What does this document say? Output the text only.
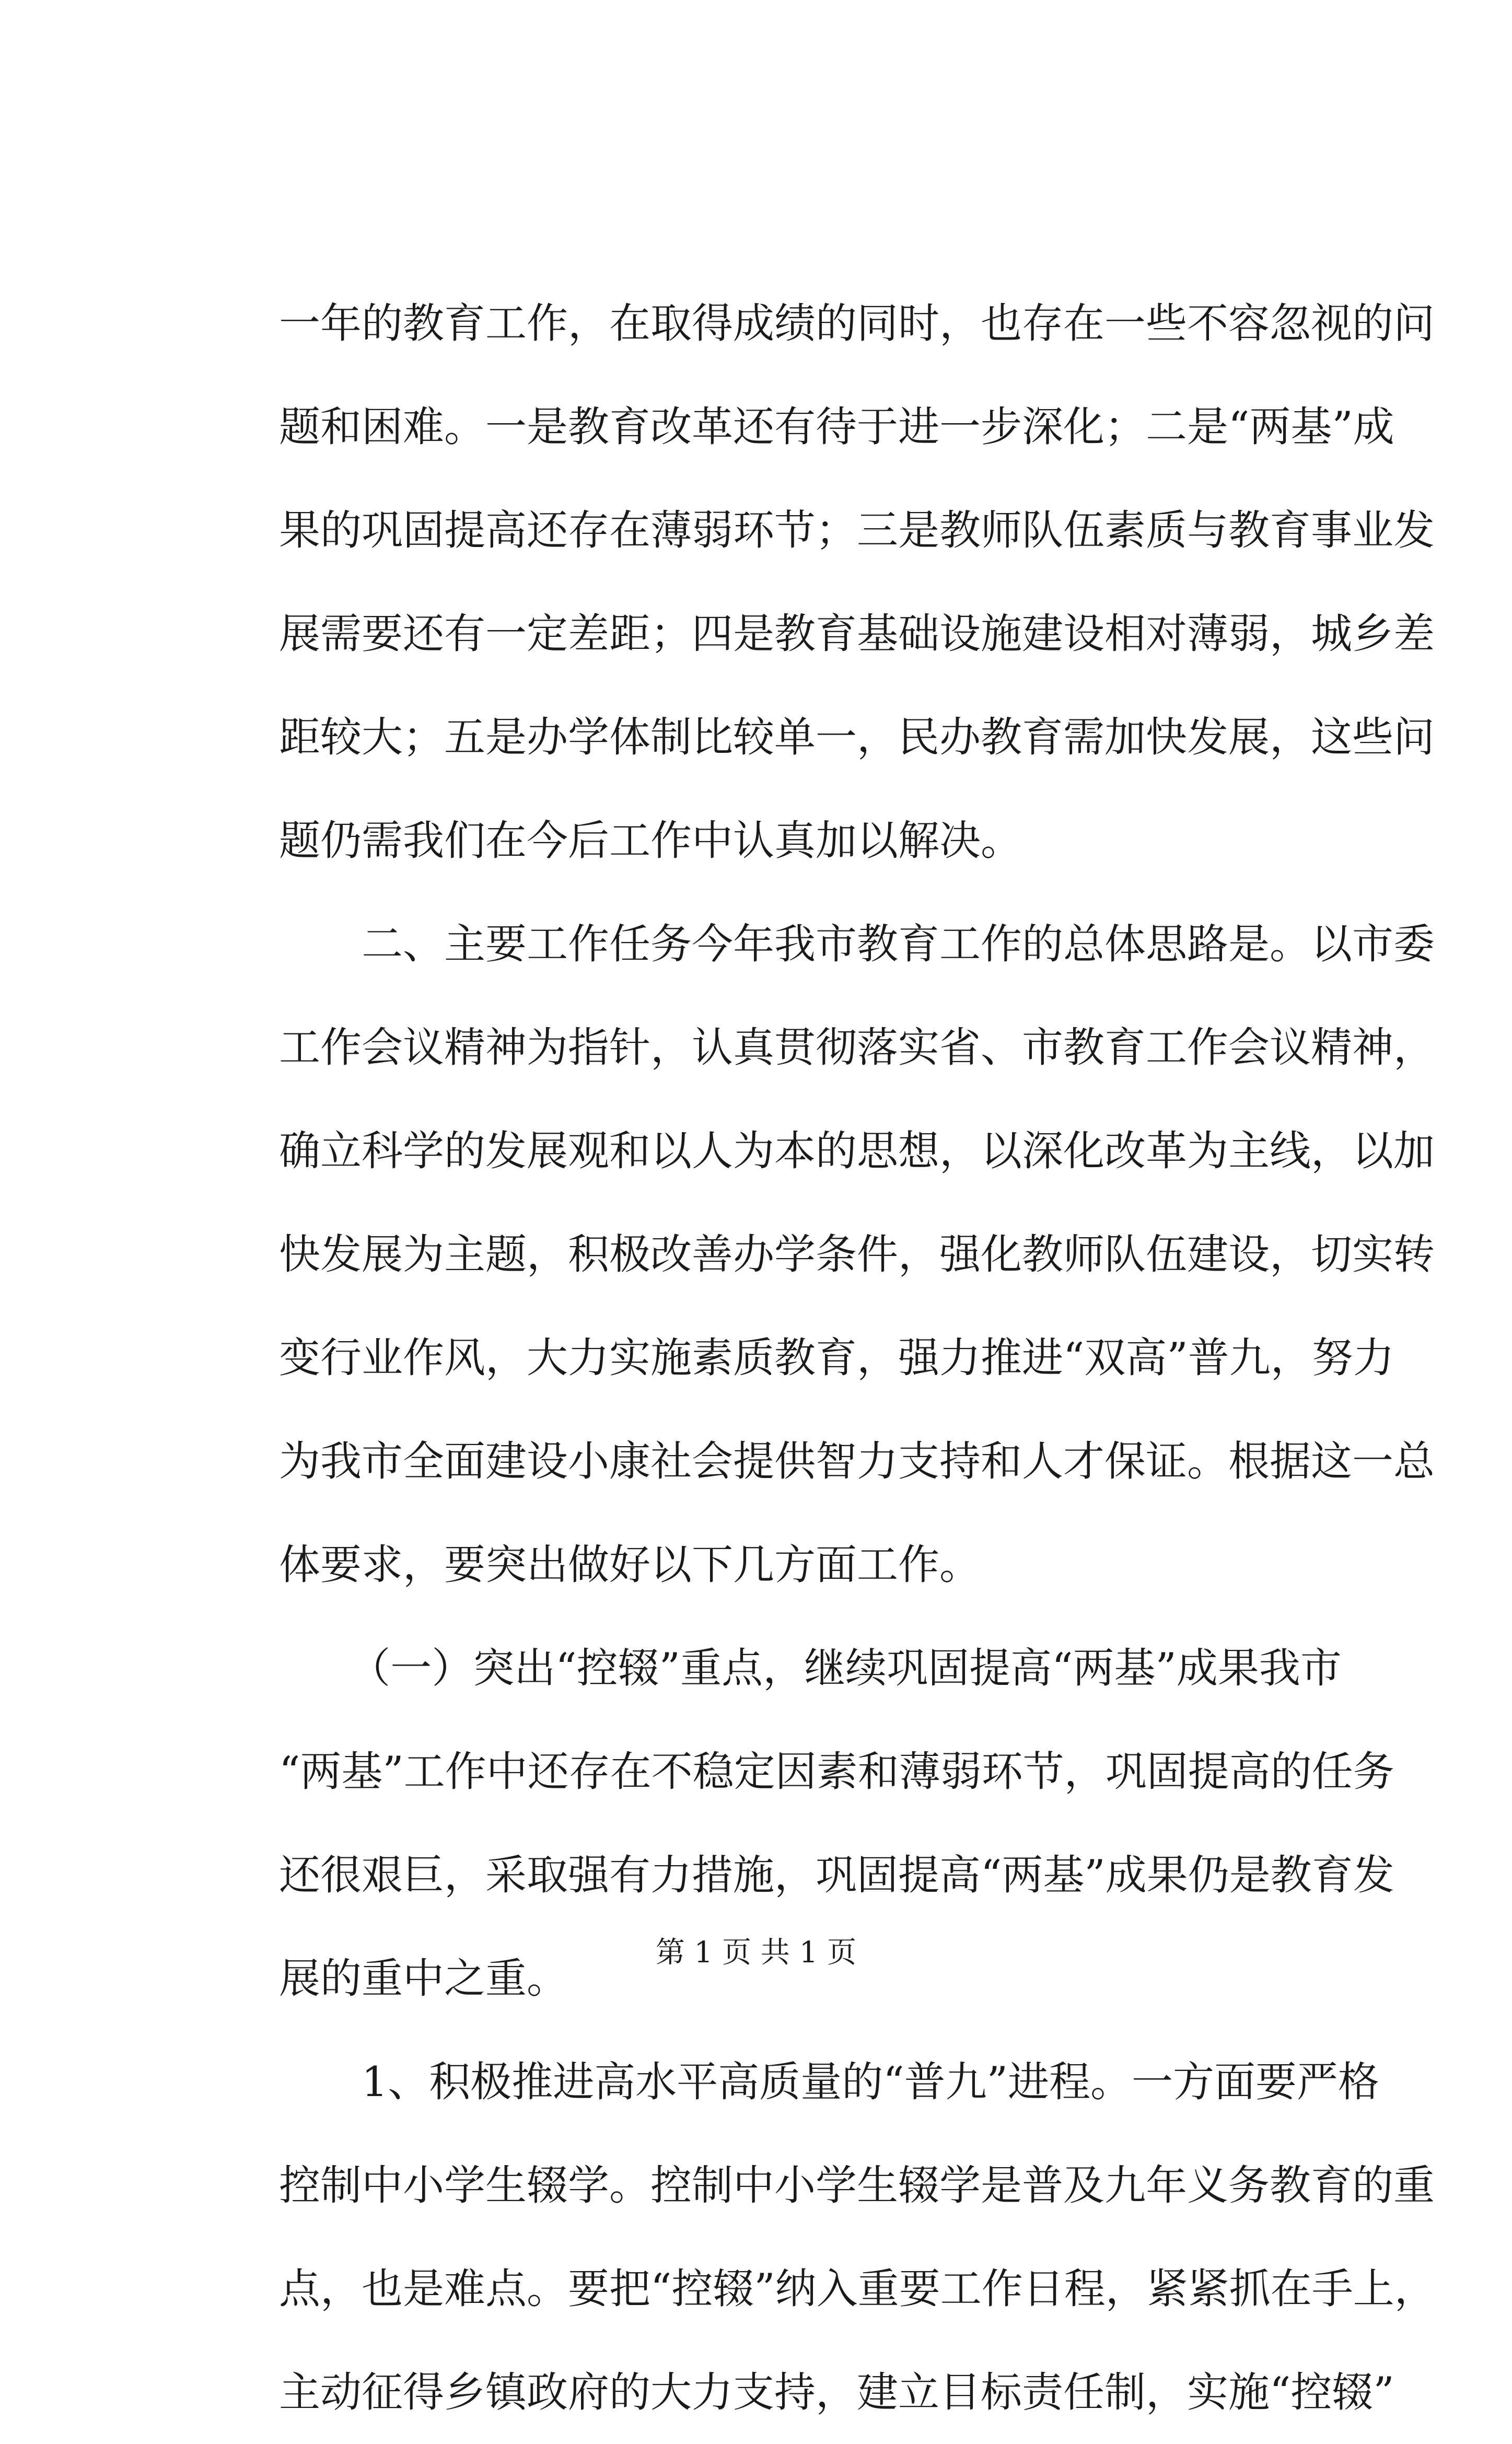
一年的教育工作，在取得成绩的同时，也存在一些不容忽视的问
题和困难。一是教育改革还有待于进一步深化；二是“两基”成
果的巩固提高还存在薄弱环节；三是教师队伍素质与教育事业发
展需要还有一定差距；四是教育基础设施建设相对薄弱，城乡差
距较大；五是办学体制比较单一，民办教育需加快发展，这些问
题仍需我们在今后工作中认真加以解决。
二、主要工作任务今年我市教育工作的总体思路是。以市委
工作会议精神为指针，认真贯彻落实省、市教育工作会议精神，
确立科学的发展观和以人为本的思想，以深化改革为主线，以加
快发展为主题，积极改善办学条件，强化教师队伍建设，切实转
变行业作风，大力实施素质教育，强力推进“双高”普九，努力
为我市全面建设小康社会提供智力支持和人才保证。根据这一总
体要求，要突出做好以下几方面工作。
（一）突出“控辍”重点，继续巩固提高“两基”成果我市
“两基”工作中还存在不稳定因素和薄弱环节，巩固提高的任务
还很艰巨，采取强有力措施，巩固提高“两基”成果仍是教育发
展的重中之重。
1、积极推进高水平高质量的“普九”进程。一方面要严格
控制中小学生辍学。控制中小学生辍学是普及九年义务教育的重
点，也是难点。要把“控辍”纳入重要工作日程，紧紧抓在手上，
主动征得乡镇政府的大力支持，建立目标责任制，实施“控辍”
第 1 页 共 1 页
